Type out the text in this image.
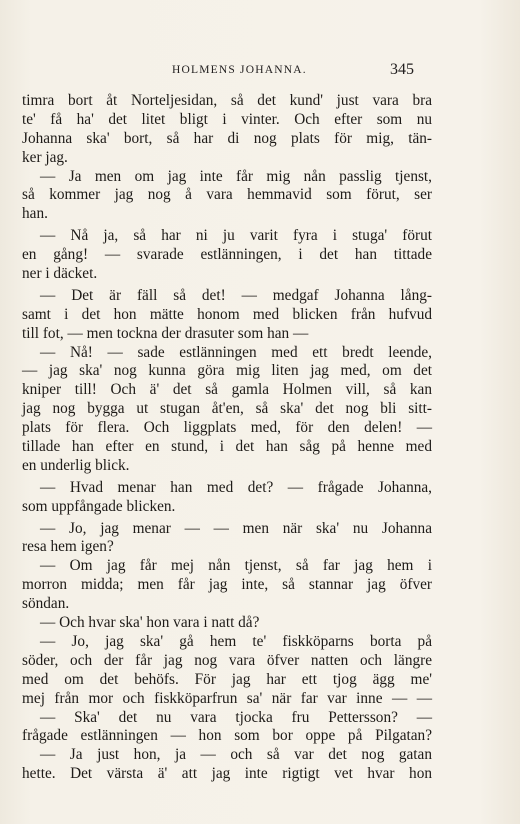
HOLMENS JOHANNA.	345
timra bort åt Norteljesidan, så det kund' just vara bra
te' få ha' det litet bligt i vinter. Och efter som nu
Johanna ska' bort, så har di nog plats för mig, tän-
ker jag.
— Ja men om jag inte får mig nån passlig tjenst,
så kommer jag nog å vara hemmavid som förut, ser
han.
— Nå ja, så har ni ju varit fyra i stuga' förut
en gång! — svarade estlänningen, i det han tittade
ner i däcket.
— Det är fäll så det! — medgaf Johanna lång-
samt i det hon mätte honom med blicken från hufvud
till fot, — men tockna der drasuter som han —
— Nå! — sade estlänningen med ett bredt leende,
— jag ska' nog kunna göra mig liten jag med, om det
kniper till! Och ä' det så gamla Holmen vill, så kan
jag nog bygga ut stugan åt'en, så ska' det nog bli sitt-
plats för flera. Och liggplats med, för den delen! —
tillade han efter en stund, i det han såg på henne med
en underlig blick.
— Hvad menar han med det? — frågade Johanna,
som uppfångade blicken.
— Jo, jag menar — — men när ska' nu Johanna
resa hem igen?
— Om jag får mej nån tjenst, så far jag hem i
morron midda; men får jag inte, så stannar jag öfver
söndan.
— Och hvar ska' hon vara i natt då?
— Jo, jag ska' gå hem te' fiskköparns borta på
söder, och der får jag nog vara öfver natten och längre
med om det behöfs. För jag har ett tjog ägg me'
mej från mor och fiskköparfrun sa' när far var inne — —
— Ska' det nu vara tjocka fru Pettersson? —
frågade estlänningen — hon som bor oppe på Pilgatan?
— Ja just hon, ja — och så var det nog gatan
hette. Det värsta ä' att jag inte rigtigt vet hvar hon
